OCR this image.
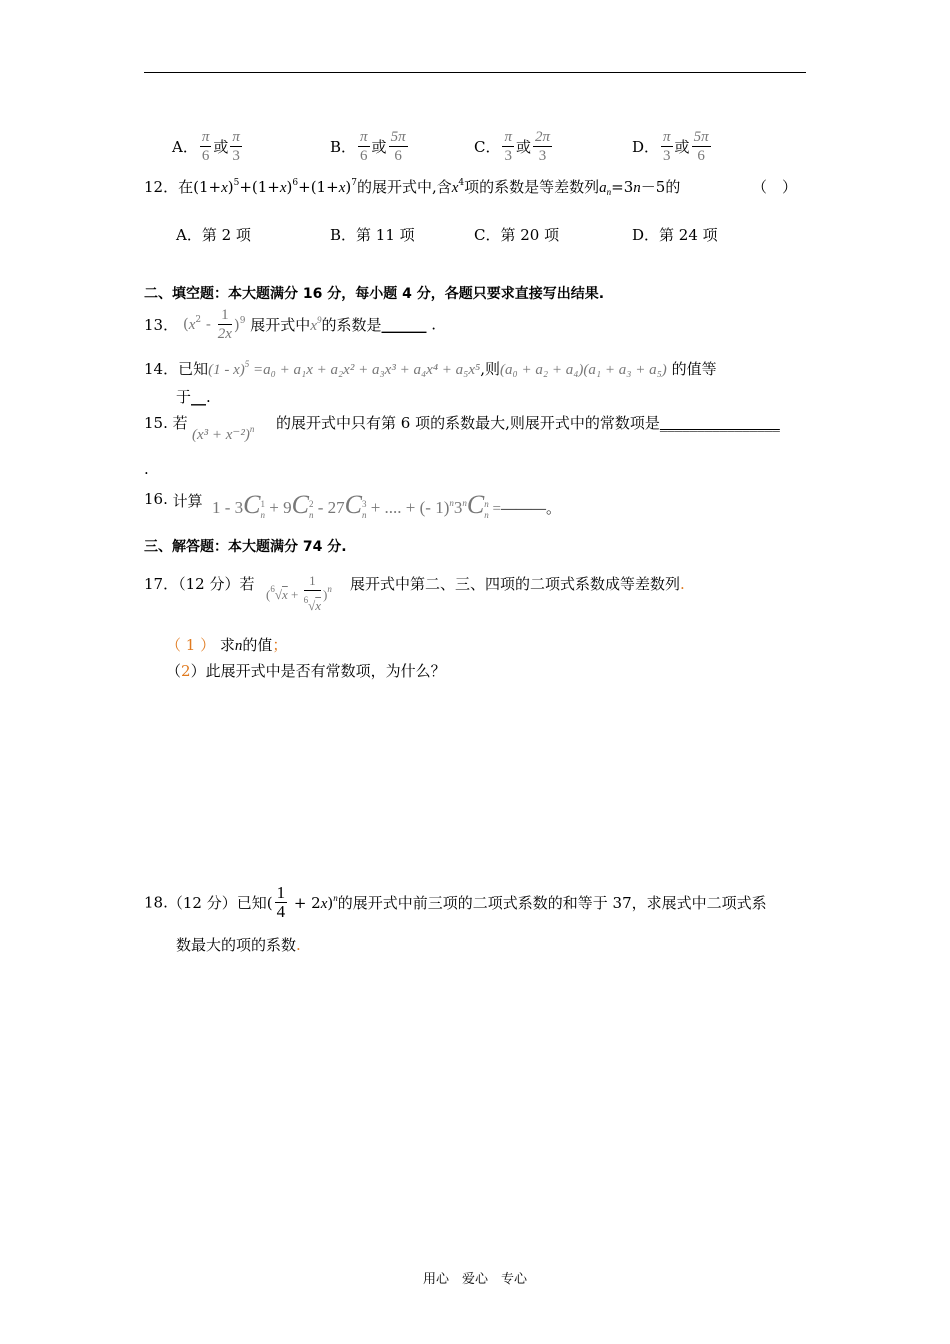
A． $\frac{\pi}{6}$ 或 $\frac{\pi}{3}$	B． $\frac{\pi}{6}$ 或 $\frac{5\pi}{6}$	C． $\frac{\pi}{3}$ 或 $\frac{2\pi}{3}$	D． $\frac{\pi}{3}$ 或 $\frac{5\pi}{6}$
12．在$(1+x)^5+(1+x)^6+(1+x)^7$的展开式中,含$x^4$项的系数是等差数列$a_n=3n-5$的	（　）
A．第 2 项	B．第 11 项	C．第 20 项	D．第 24 项
二、填空题：本大题满分 16 分，每小题 4 分，各题只要求直接写出结果.
13． $(x^2 - \frac{1}{2x} )^9$ 展开式中$x^9$的系数是______ .
14．已知(1 - x)$^5$ =a₀ + a₁x + a₂x² + a₃x³ + a₄x⁴ + a₅x⁵,则(a₀ + a₂ + a₄)(a₁ + a₃ + a₅) 的值等
于__.
15. 若
$(x^3 + x^{-2})^n$ 的展开式中只有第 6 项的系数最大,则展开式中的常数项是________________
.
16. 计算 1 - 3C 1
n + 9C 2
n - 27C 3
n + .... + (- 1)$^n$3$^n$C n
n =———。
三、解答题：本大题满分 74 分.
17．（12 分）若
$(^6√x + \frac{1}{^6√x} )^n$ 展开式中第二、三、四项的二项式系数成等差数列.
（ 1 ） 求n的值；
（2）此展开式中是否有常数项，为什么？
18.（12 分）已知( $\frac{1}{4} + 2x)^n$的展开式中前三项的二项式系数的和等于 37，求展式中二项式系
数最大的项的系数.
用心　爱心　专心
